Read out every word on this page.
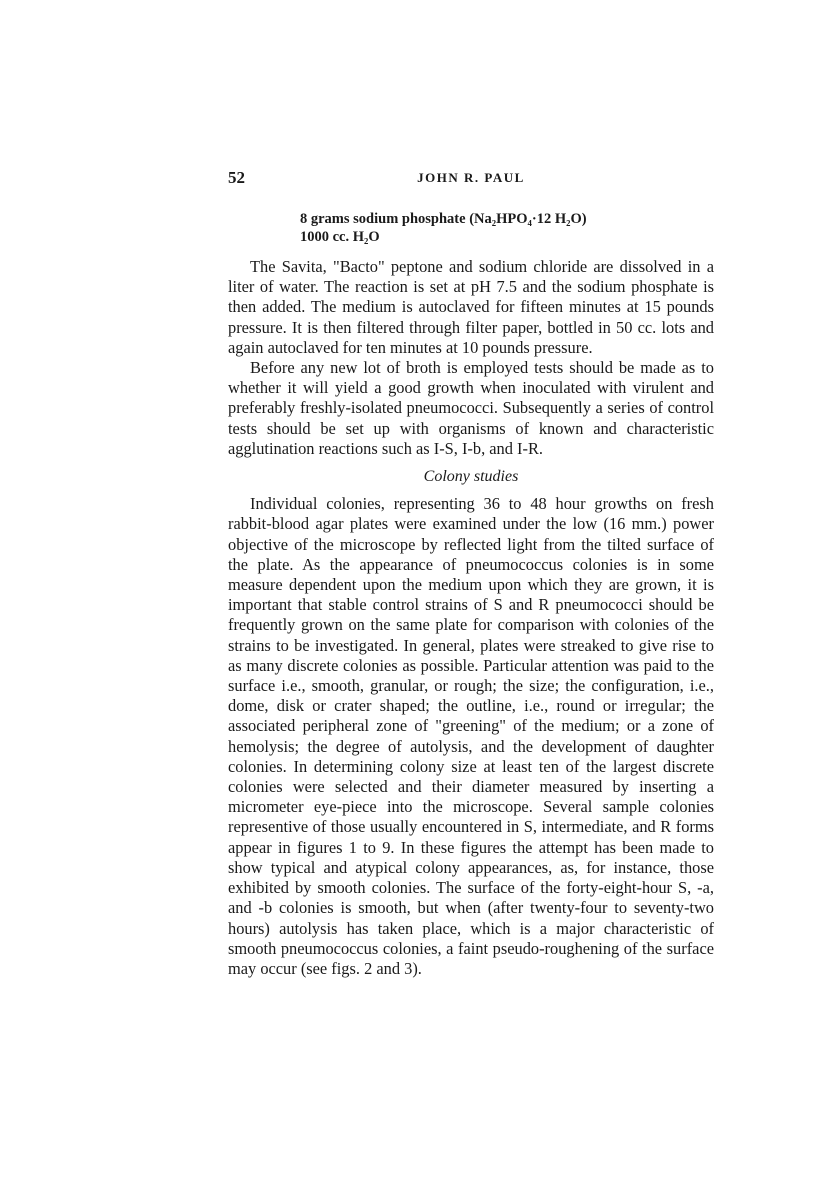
52	JOHN R. PAUL
8 grams sodium phosphate (Na₂HPO₄·12 H₂O)
1000 cc. H₂O

The Savita, "Bacto" peptone and sodium chloride are dissolved in a liter of water. The reaction is set at pH 7.5 and the sodium phosphate is then added. The medium is autoclaved for fifteen minutes at 15 pounds pressure. It is then filtered through filter paper, bottled in 50 cc. lots and again autoclaved for ten minutes at 10 pounds pressure.

Before any new lot of broth is employed tests should be made as to whether it will yield a good growth when inoculated with virulent and preferably freshly-isolated pneumococci. Subsequently a series of control tests should be set up with organisms of known and characteristic agglutination reactions such as I-S, I-b, and I-R.

Colony studies

Individual colonies, representing 36 to 48 hour growths on fresh rabbit-blood agar plates were examined under the low (16 mm.) power objective of the microscope by reflected light from the tilted surface of the plate. As the appearance of pneumococcus colonies is in some measure dependent upon the medium upon which they are grown, it is important that stable control strains of S and R pneumococci should be frequently grown on the same plate for comparison with colonies of the strains to be investigated. In general, plates were streaked to give rise to as many discrete colonies as possible. Particular attention was paid to the surface i.e., smooth, granular, or rough; the size; the configuration, i.e., dome, disk or crater shaped; the outline, i.e., round or irregular; the associated peripheral zone of "greening" of the medium; or a zone of hemolysis; the degree of autolysis, and the development of daughter colonies. In determining colony size at least ten of the largest discrete colonies were selected and their diameter measured by inserting a micrometer eye-piece into the microscope. Several sample colonies representive of those usually encountered in S, intermediate, and R forms appear in figures 1 to 9. In these figures the attempt has been made to show typical and atypical colony appearances, as, for instance, those exhibited by smooth colonies. The surface of the forty-eight-hour S, -a, and -b colonies is smooth, but when (after twenty-four to seventy-two hours) autolysis has taken place, which is a major characteristic of smooth pneumococcus colonies, a faint pseudo-roughening of the surface may occur (see figs. 2 and 3).
